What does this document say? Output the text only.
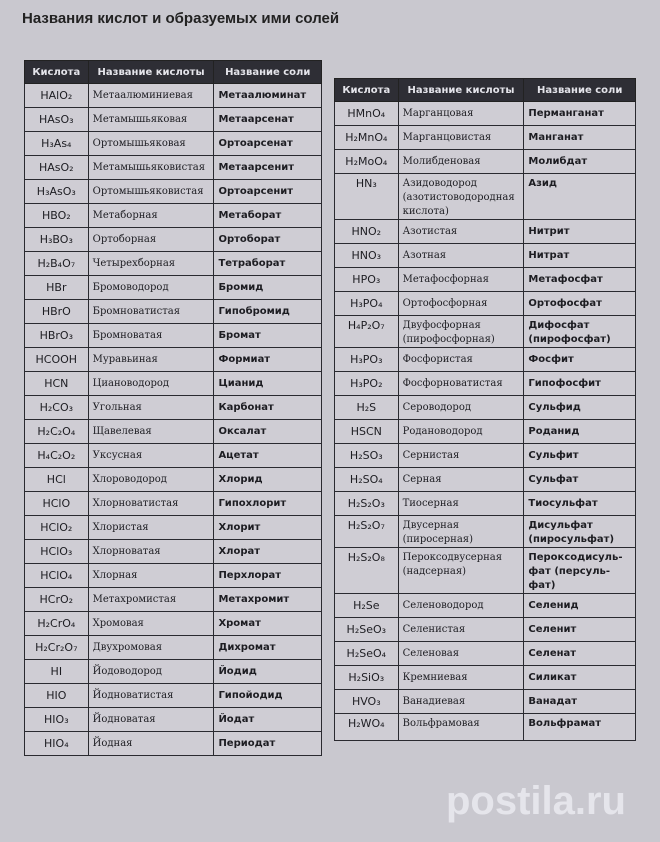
Названия кислот и образуемых ими солей
Кислота	Название кислоты	Название соли
HAlO₂	Метаалюминиевая	Метаалюминат
HAsO₃	Метамышьяковая	Метаарсенат
H₃As₄	Ортомышьяковая	Ортоарсенат
HAsO₂	Метамышьяковистая	Метаарсенит
H₃AsO₃	Ортомышьяковистая	Ортоарсенит
HBO₂	Метаборная	Метаборат
H₃BO₃	Ортоборная	Ортоборат
H₂B₄O₇	Четырехборная	Тетраборат
HBr	Бромоводород	Бромид
HBrO	Бромноватистая	Гипобромид
HBrO₃	Бромноватая	Бромат
HCOOH	Муравьиная	Формиат
HCN	Циановодород	Цианид
H₂CO₃	Угольная	Карбонат
H₂C₂O₄	Щавелевая	Оксалат
H₄C₂O₂	Уксусная	Ацетат
HCl	Хлороводород	Хлорид
HClO	Хлорноватистая	Гипохлорит
HClO₂	Хлористая	Хлорит
HClO₃	Хлорноватая	Хлорат
HClO₄	Хлорная	Перхлорат
HCrO₂	Метахромистая	Метахромит
H₂CrO₄	Хромовая	Хромат
H₂Cr₂O₇	Двухромовая	Дихромат
HI	Йодоводород	Йодид
HIO	Йодноватистая	Гипойодид
HIO₃	Йодноватая	Йодат
HIO₄	Йодная	Периодат
Кислота	Название кислоты	Название соли
HMnO₄	Марганцовая	Перманганат
H₂MnO₄	Марганцовистая	Манганат
H₂MoO₄	Молибденовая	Молибдат
HN₃	Азидоводород (азотистоводородная кислота)	Азид
HNO₂	Азотистая	Нитрит
HNO₃	Азотная	Нитрат
HPO₃	Метафосфорная	Метафосфат
H₃PO₄	Ортофосфорная	Ортофосфат
H₄P₂O₇	Двуфосфорная (пирофосфорная)	Дифосфат (пирофосфат)
H₃PO₃	Фосфористая	Фосфит
H₃PO₂	Фосфорноватистая	Гипофосфит
H₂S	Сероводород	Сульфид
HSCN	Родановодород	Роданид
H₂SO₃	Сернистая	Сульфит
H₂SO₄	Серная	Сульфат
H₂S₂O₃	Тиосерная	Тиосульфат
H₂S₂O₇	Двусерная (пиросерная)	Дисульфат (пиросульфат)
H₂S₂O₈	Пероксодвусерная (надсерная)	Пероксодисуль-фат (персуль-фат)
H₂Se	Селеноводород	Селенид
H₂SeO₃	Селенистая	Селенит
H₂SeO₄	Селеновая	Селенат
H₂SiO₃	Кремниевая	Силикат
HVO₃	Ванадиевая	Ванадат
H₂WO₄	Вольфрамовая	Вольфрамат
postila.ru
